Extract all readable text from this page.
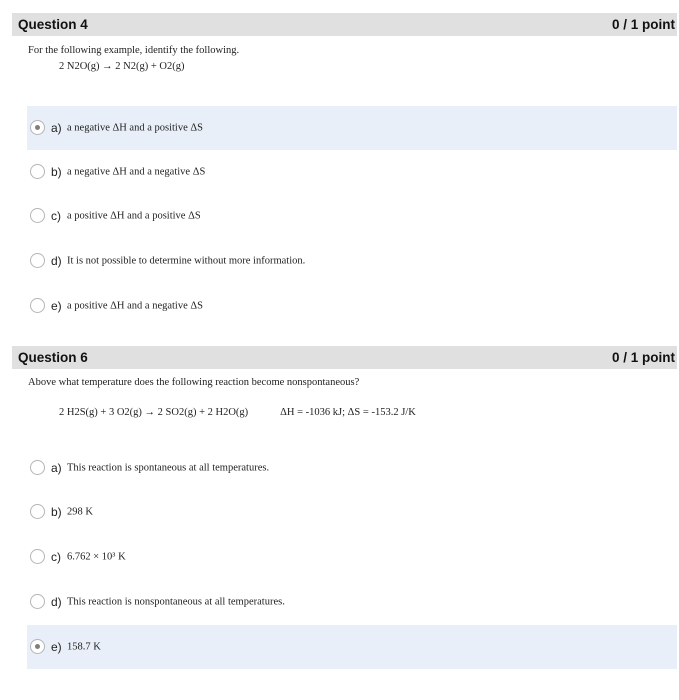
Question 4	0 / 1 point
For the following example, identify the following.
2 N2O(g) → 2 N2(g) + O2(g)
a) a negative ΔH and a positive ΔS
b) a negative ΔH and a negative ΔS
c) a positive ΔH and a positive ΔS
d) It is not possible to determine without more information.
e) a positive ΔH and a negative ΔS
Question 6	0 / 1 point
Above what temperature does the following reaction become nonspontaneous?
2 H2S(g) + 3 O2(g) → 2 SO2(g) + 2 H2O(g)	ΔH = -1036 kJ; ΔS = -153.2 J/K
a) This reaction is spontaneous at all temperatures.
b) 298 K
c) 6.762 × 10³ K
d) This reaction is nonspontaneous at all temperatures.
e) 158.7 K
